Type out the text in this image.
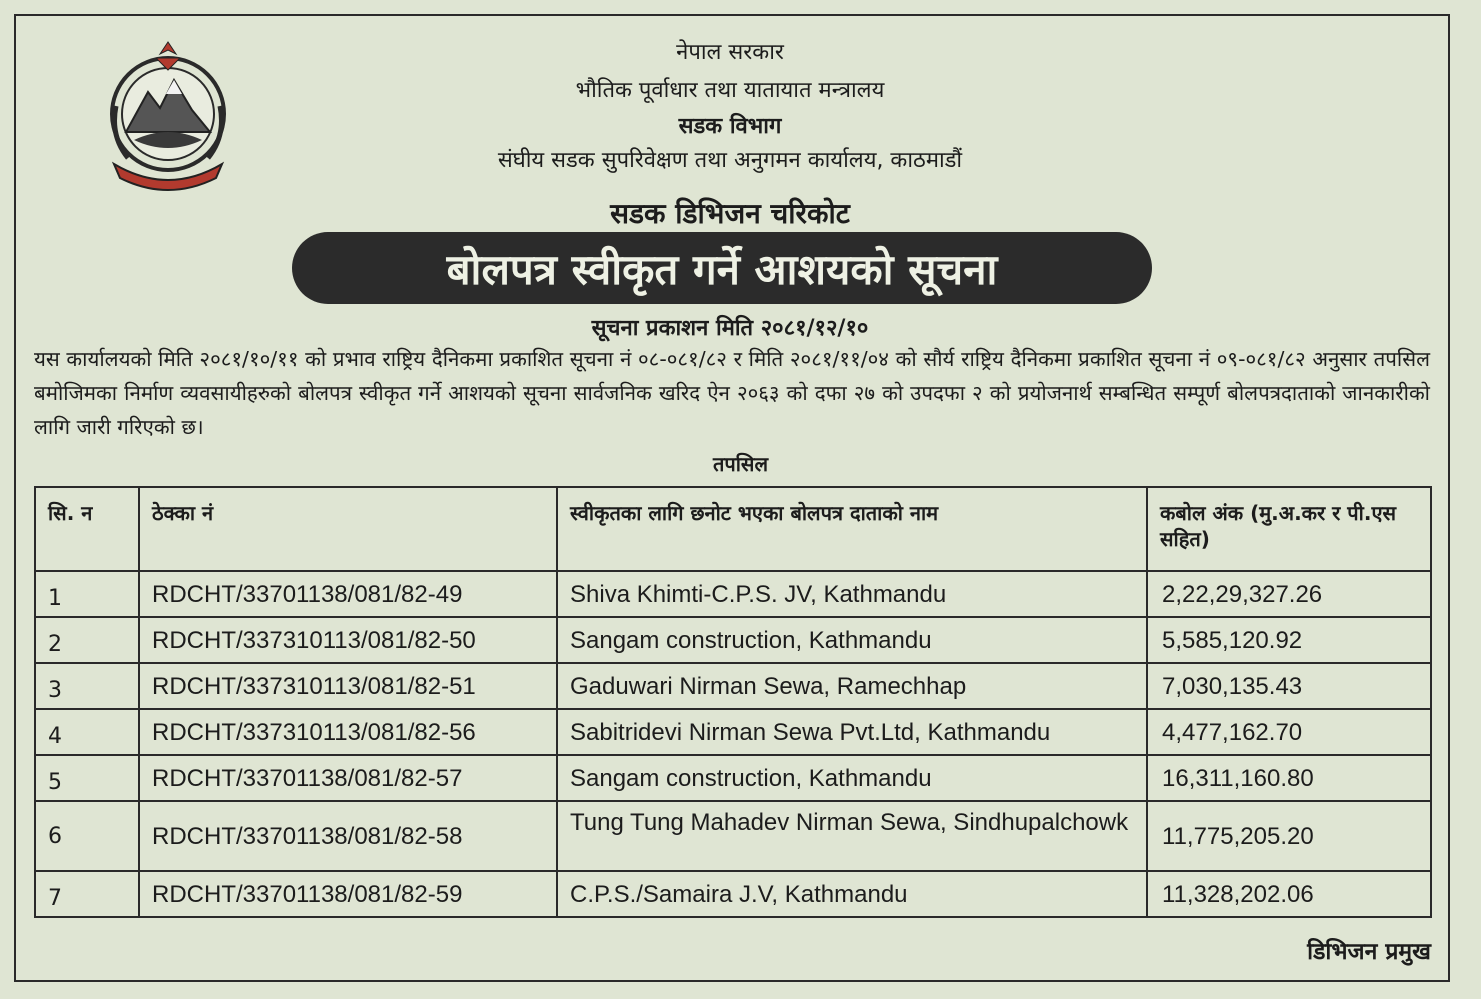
नेपाल सरकार
भौतिक पूर्वाधार तथा यातायात मन्त्रालय
सडक विभाग
संघीय सडक सुपरिवेक्षण तथा अनुगमन कार्यालय, काठमाडौं
सडक डिभिजन चरिकोट
बोलपत्र स्वीकृत गर्ने आशयको सूचना
सूचना प्रकाशन मिति २०८१/१२/१०
यस कार्यालयको मिति २०८१/१०/११ को प्रभाव राष्ट्रिय दैनिकमा प्रकाशित सूचना नं ०८-०८१/८२ र मिति २०८१/११/०४ को सौर्य राष्ट्रिय दैनिकमा प्रकाशित सूचना नं ०९-०८१/८२ अनुसार तपसिल बमोजिमका निर्माण व्यवसायीहरुको बोलपत्र स्वीकृत गर्ने आशयको सूचना सार्वजनिक खरिद ऐन २०६३ को दफा २७ को उपदफा २ को प्रयोजनार्थ सम्बन्धित सम्पूर्ण बोलपत्रदाताको जानकारीको लागि जारी गरिएको छ।
तपसिल
सि. न	ठेक्का नं	स्वीकृतका लागि छनोट भएका बोलपत्र दाताको नाम	कबोल अंक (मु.अ.कर र पी.एस सहित)
1	RDCHT/33701138/081/82-49	Shiva Khimti-C.P.S. JV, Kathmandu	2,22,29,327.26
2	RDCHT/337310113/081/82-50	Sangam construction, Kathmandu	5,585,120.92
3	RDCHT/337310113/081/82-51	Gaduwari Nirman Sewa, Ramechhap	7,030,135.43
4	RDCHT/337310113/081/82-56	Sabitridevi Nirman Sewa Pvt.Ltd, Kathmandu	4,477,162.70
5	RDCHT/33701138/081/82-57	Sangam construction, Kathmandu	16,311,160.80
6	RDCHT/33701138/081/82-58	Tung Tung Mahadev Nirman Sewa, Sindhupalchowk	11,775,205.20
7	RDCHT/33701138/081/82-59	C.P.S./Samaira J.V, Kathmandu	11,328,202.06
डिभिजन प्रमुख
